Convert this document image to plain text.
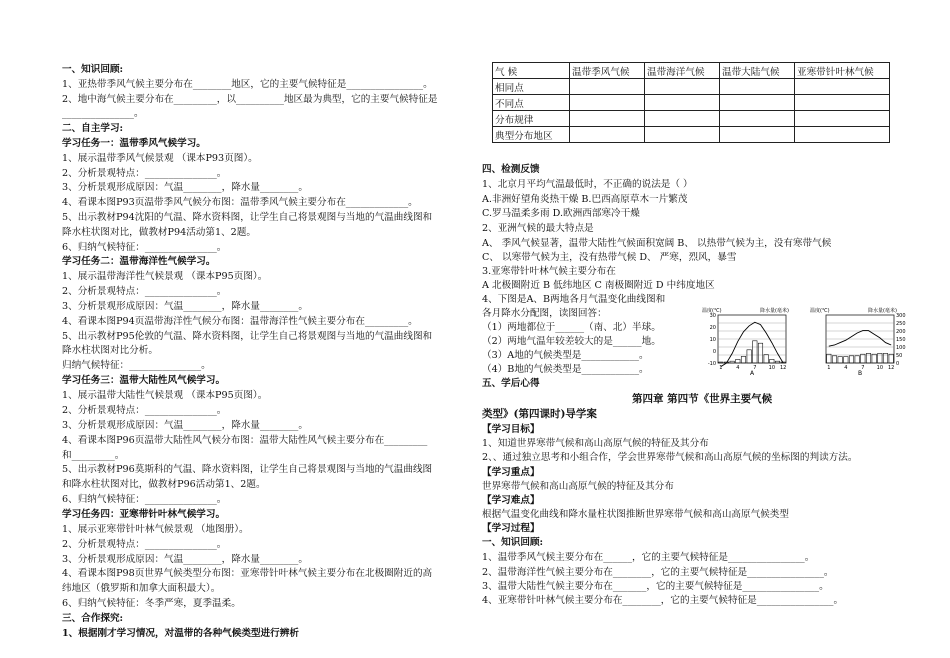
一、知识回顾:
1、亚热带季风气候主要分布在________地区，它的主要气候特征是________________。
2、地中海气候主要分布在_________，以__________地区最为典型，它的主要气候特征是
_______________。
二、自主学习:
学习任务一：温带季风气候学习。
1、展示温带季风气候景观 （课本P93页图）。
2、分析景观特点：_______________。
3、分析景观形成原因：气温________，降水量________。
4、看课本图P93页温带季风气候分布图：温带季风气候主要分布在_____________。
5、出示教材P94沈阳的气温、降水资料图，让学生自己将景观图与当地的气温曲线图和
降水柱状图对比，做教材P94活动第1、2题。
6、归纳气候特征：_______________。
学习任务二：温带海洋性气候学习。
1、展示温带海洋性气候景观 （课本P95页图）。
2、分析景观特点：_______________。
3、分析景观形成原因：气温________，降水量________。
4、看课本图P94页温带海洋性气候分布图：温带海洋性气候主要分布在_________。
5、出示教材P95伦敦的气温、降水资料图，让学生自己将景观图与当地的气温曲线图和
降水柱状图对比分析。
归纳气候特征：_______________。
学习任务三：温带大陆性风气候学习。
1、展示温带大陆性气候景观 （课本P95页图）。
2、分析景观特点：_______________。
3、分析景观形成原因：气温________，降水量________。
4、看课本图P96页温带大陆性风气候分布图：温带大陆性风气候主要分布在_________
和_________。
5、出示教材P96莫斯科的气温、降水资料图，让学生自己将景观图与当地的气温曲线图
和降水柱状图对比，做教材P96活动第1、2题。
6、归纳气候特征：_______________。
学习任务四：亚寒带针叶林气候学习。
1、展示亚寒带针叶林气候景观 （地图册）。
2、分析景观特点：_______________。
3、分析景观形成原因：气温________，降水量________。
4、看课本图P98页世界气候类型分布图：亚寒带针叶林气候主要分布在北极圈附近的高
纬地区（俄罗斯和加拿大面积最大）。
6、归纳气候特征：冬季严寒，夏季温柔。
三、合作探究:
1、根据刚才学习情况，对温带的各种气候类型进行辨析
气 候	温带季风气候	温带海洋气候	温带大陆气候	亚寒带针叶林气候
相同点				
不同点				
分布规律				
典型分布地区				
温度(℃)	降水量(毫米)
30
20
10
0
-10
1	4	7 10 12
A
温度(℃)	降水量(毫米)
300
250
200
150
100
50
0
1	4	7 10 12
B
四、检测反馈
1、北京月平均气温最低时，不正确的说法是（ ）
A.非洲好望角炎热干燥 B.巴西高原草木一片繁茂
C.罗马温柔多雨 D.欧洲西部寒冷干燥
2、亚洲气候的最大特点是
A、 季风气候显著，温带大陆性气候面积宽阔 B、 以热带气候为主，没有寒带气候
C、 以寒带气候为主，没有热带气候 D、 严寒，烈风，暴雪
3.亚寒带针叶林气候主要分布在
A 北极圈附近 B 低纬地区 C 南极圈附近 D 中纬度地区
4、下图是A、B两地各月气温变化曲线图和
各月降水分配图，读图回答：
（1）两地都位于______（南、北）半球。
（2）两地气温年较差较大的是______地。
（3）A地的气候类型是____________。
（4）B地的气候类型是____________。
五、学后心得
第四章 第四节《世界主要气候
类型》(第四课时)导学案
【学习目标】
1、知道世界寒带气候和高山高原气候的特征及其分布
2、、通过独立思考和小组合作，学会世界寒带气候和高山高原气候的坐标图的判读方法。
【学习重点】
世界寒带气候和高山高原气候的特征及其分布
【学习难点】
根据气温变化曲线和降水量柱状图推断世界寒带气候和高山高原气候类型
【学习过程】
一、知识回顾:
1、温带季风气候主要分布在______，它的主要气候特征是________________。
2、温带海洋性气候主要分布在________，它的主要气候特征是________________。
3、温带大陆性气候主要分布在_______，它的主要气候特征是________________。
4、亚寒带针叶林气候主要分布在________，它的主要气候特征是________________。
